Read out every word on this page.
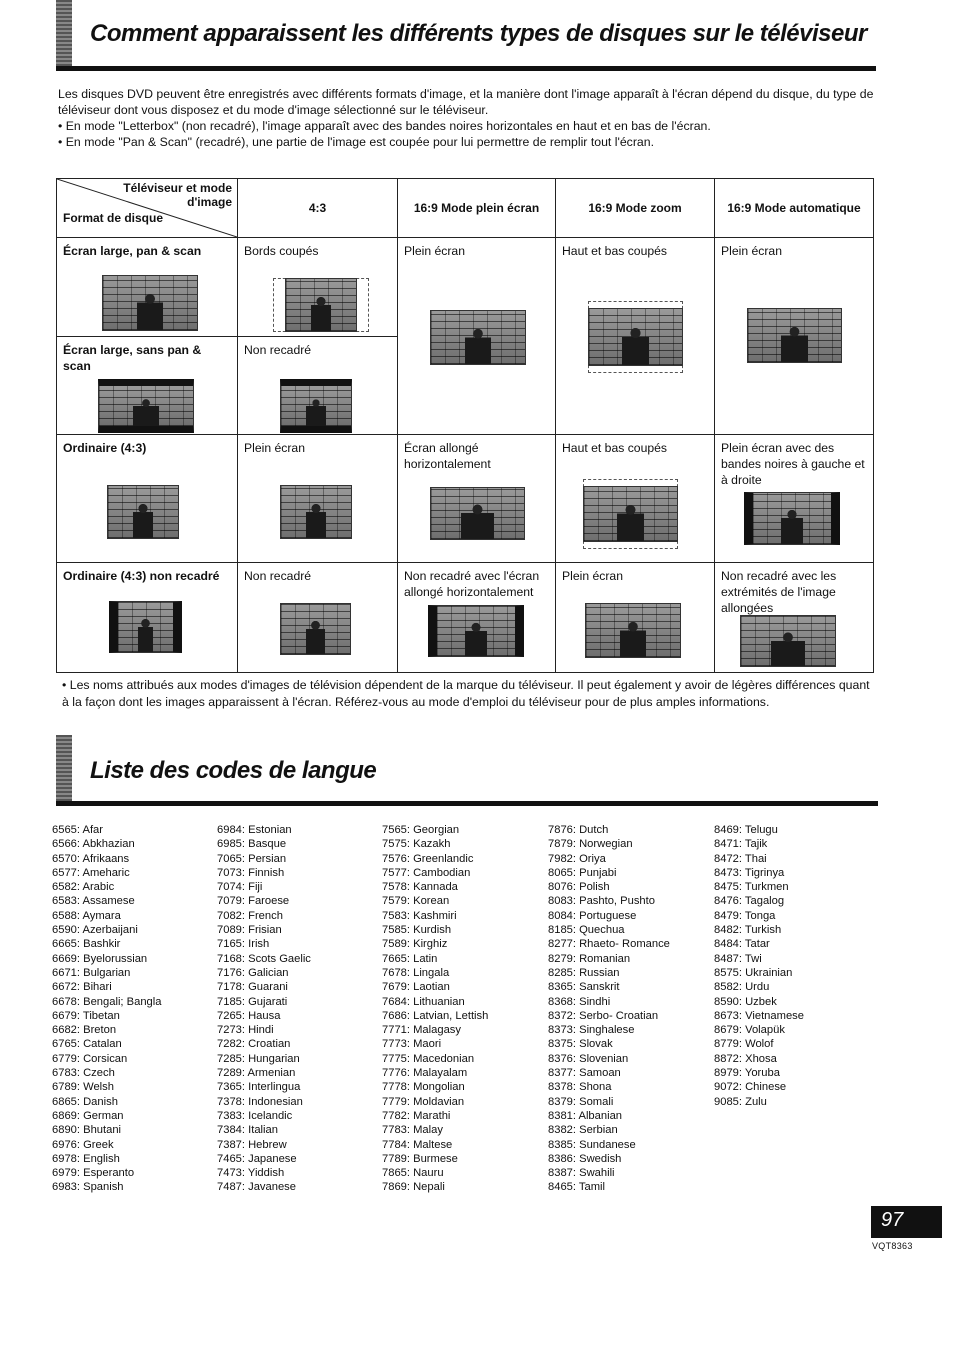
Comment apparaissent les différents types de disques sur le téléviseur

Les disques DVD peuvent être enregistrés avec différents formats d'image, et la manière dont l'image apparaît à l'écran dépend du disque, du type de téléviseur dont vous disposez et du mode d'image sélectionné sur le téléviseur.

• En mode "Letterbox" (non recadré), l'image apparaît avec des bandes noires horizontales en haut et en bas de l'écran.

• En mode "Pan & Scan" (recadré), une partie de l'image est coupée pour lui permettre de remplir tout l'écran.

Téléviseur et mode d'image
Format de disque	4:3	16:9 Mode plein écran	16:9 Mode zoom	16:9 Mode automatique

Écran large, pan & scan	Bords coupés	Plein écran	Haut et bas coupés	Plein écran

Écran large, sans pan & scan	Non recadré			

Ordinaire (4:3)	Plein écran	Écran allongé horizontalement	Haut et bas coupés	Plein écran avec des bandes noires à gauche et à droite

Ordinaire (4:3) non recadré	Non recadré	Non recadré avec l'écran allongé horizontalement	Plein écran	Non recadré avec les extrémités de l'image allongées
• Les noms attribués aux modes d'images de télévision dépendent de la marque du téléviseur. Il peut également y avoir de légères différences quant à la façon dont les images apparaissent à l'écran. Référez-vous au mode d'emploi du téléviseur pour de plus amples informations.
Liste des codes de langue
6565: Afar
6566: Abkhazian
6570: Afrikaans
6577: Ameharic
6582: Arabic
6583: Assamese
6588: Aymara
6590: Azerbaijani
6665: Bashkir
6669: Byelorussian
6671: Bulgarian
6672: Bihari
6678: Bengali; Bangla
6679: Tibetan
6682: Breton
6765: Catalan
6779: Corsican
6783: Czech
6789: Welsh
6865: Danish
6869: German
6890: Bhutani
6976: Greek
6978: English
6979: Esperanto
6983: Spanish
6984: Estonian
6985: Basque
7065: Persian
7073: Finnish
7074: Fiji
7079: Faroese
7082: French
7089: Frisian
7165: Irish
7168: Scots Gaelic
7176: Galician
7178: Guarani
7185: Gujarati
7265: Hausa
7273: Hindi
7282: Croatian
7285: Hungarian
7289: Armenian
7365: Interlingua
7378: Indonesian
7383: Icelandic
7384: Italian
7387: Hebrew
7465: Japanese
7473: Yiddish
7487: Javanese
7565: Georgian
7575: Kazakh
7576: Greenlandic
7577: Cambodian
7578: Kannada
7579: Korean
7583: Kashmiri
7585: Kurdish
7589: Kirghiz
7665: Latin
7678: Lingala
7679: Laotian
7684: Lithuanian
7686: Latvian, Lettish
7771: Malagasy
7773: Maori
7775: Macedonian
7776: Malayalam
7778: Mongolian
7779: Moldavian
7782: Marathi
7783: Malay
7784: Maltese
7789: Burmese
7865: Nauru
7869: Nepali
7876: Dutch
7879: Norwegian
7982: Oriya
8065: Punjabi
8076: Polish
8083: Pashto, Pushto
8084: Portuguese
8185: Quechua
8277: Rhaeto- Romance
8279: Romanian
8285: Russian
8365: Sanskrit
8368: Sindhi
8372: Serbo- Croatian
8373: Singhalese
8375: Slovak
8376: Slovenian
8377: Samoan
8378: Shona
8379: Somali
8381: Albanian
8382: Serbian
8385: Sundanese
8386: Swedish
8387: Swahili
8465: Tamil
8469: Telugu
8471: Tajik
8472: Thai
8473: Tigrinya
8475: Turkmen
8476: Tagalog
8479: Tonga
8482: Turkish
8484: Tatar
8487: Twi
8575: Ukrainian
8582: Urdu
8590: Uzbek
8673: Vietnamese
8679: Volapük
8779: Wolof
8872: Xhosa
8979: Yoruba
9072: Chinese
9085: Zulu
97
VQT8363
